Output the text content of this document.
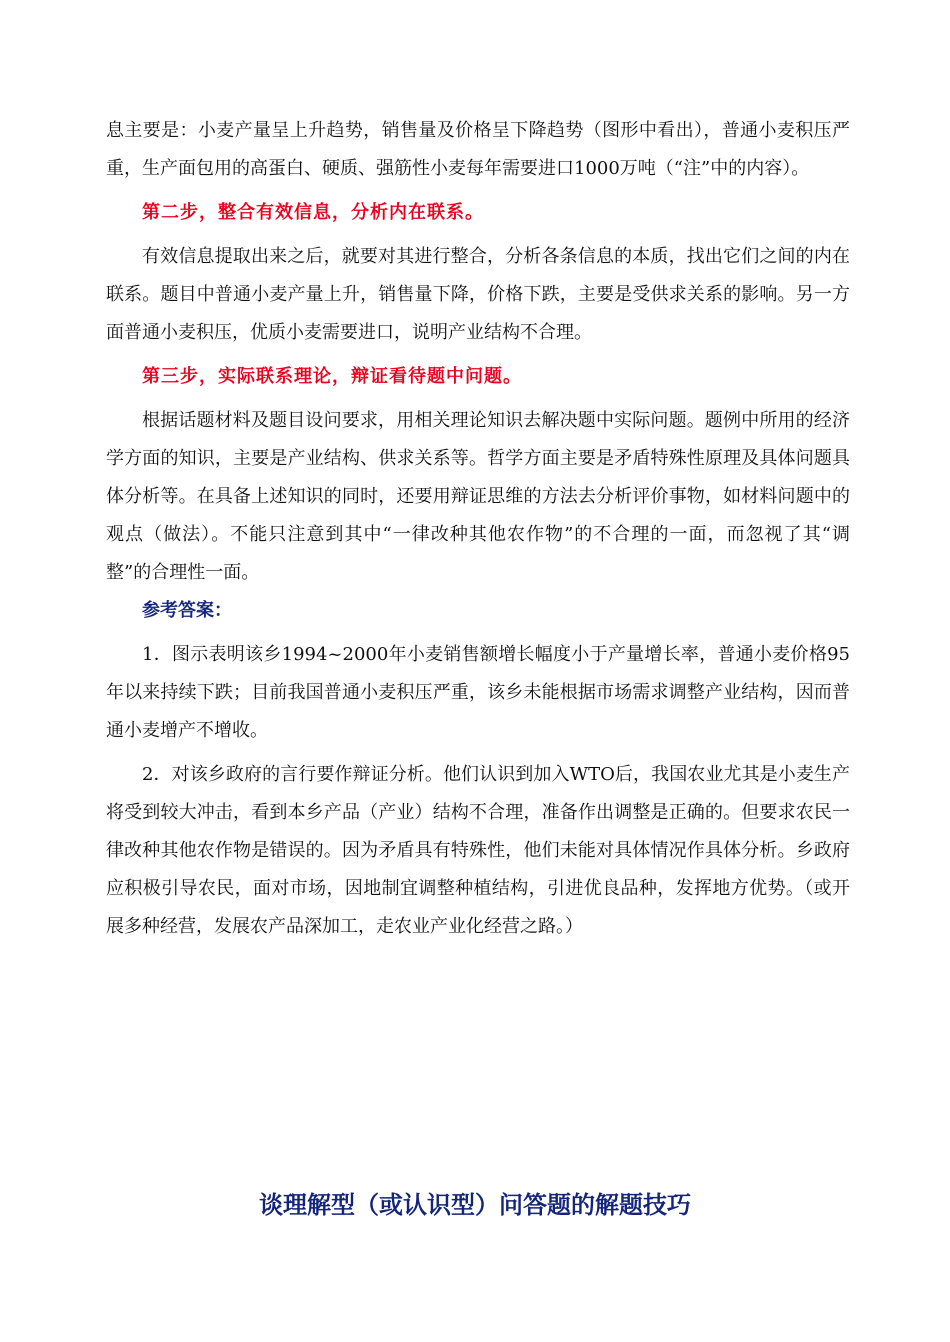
息主要是：小麦产量呈上升趋势，销售量及价格呈下降趋势（图形中看出），普通小麦积压严重，生产面包用的高蛋白、硬质、强筋性小麦每年需要进口1000万吨（“注”中的内容）。

第二步，整合有效信息，分析内在联系。

有效信息提取出来之后，就要对其进行整合，分析各条信息的本质，找出它们之间的内在联系。题目中普通小麦产量上升，销售量下降，价格下跌，主要是受供求关系的影响。另一方面普通小麦积压，优质小麦需要进口，说明产业结构不合理。

第三步，实际联系理论，辩证看待题中问题。

根据话题材料及题目设问要求，用相关理论知识去解决题中实际问题。题例中所用的经济学方面的知识，主要是产业结构、供求关系等。哲学方面主要是矛盾特殊性原理及具体问题具体分析等。在具备上述知识的同时，还要用辩证思维的方法去分析评价事物，如材料问题中的观点（做法）。不能只注意到其中“一律改种其他农作物”的不合理的一面，而忽视了其“调整”的合理性一面。

参考答案：

1．图示表明该乡1994~2000年小麦销售额增长幅度小于产量增长率，普通小麦价格95年以来持续下跌；目前我国普通小麦积压严重，该乡未能根据市场需求调整产业结构，因而普通小麦增产不增收。

2．对该乡政府的言行要作辩证分析。他们认识到加入WTO后，我国农业尤其是小麦生产将受到较大冲击，看到本乡产品（产业）结构不合理，准备作出调整是正确的。但要求农民一律改种其他农作物是错误的。因为矛盾具有特殊性，他们未能对具体情况作具体分析。乡政府应积极引导农民，面对市场，因地制宜调整种植结构，引进优良品种，发挥地方优势。（或开展多种经营，发展农产品深加工，走农业产业化经营之路。）

谈理解型（或认识型）问答题的解题技巧
